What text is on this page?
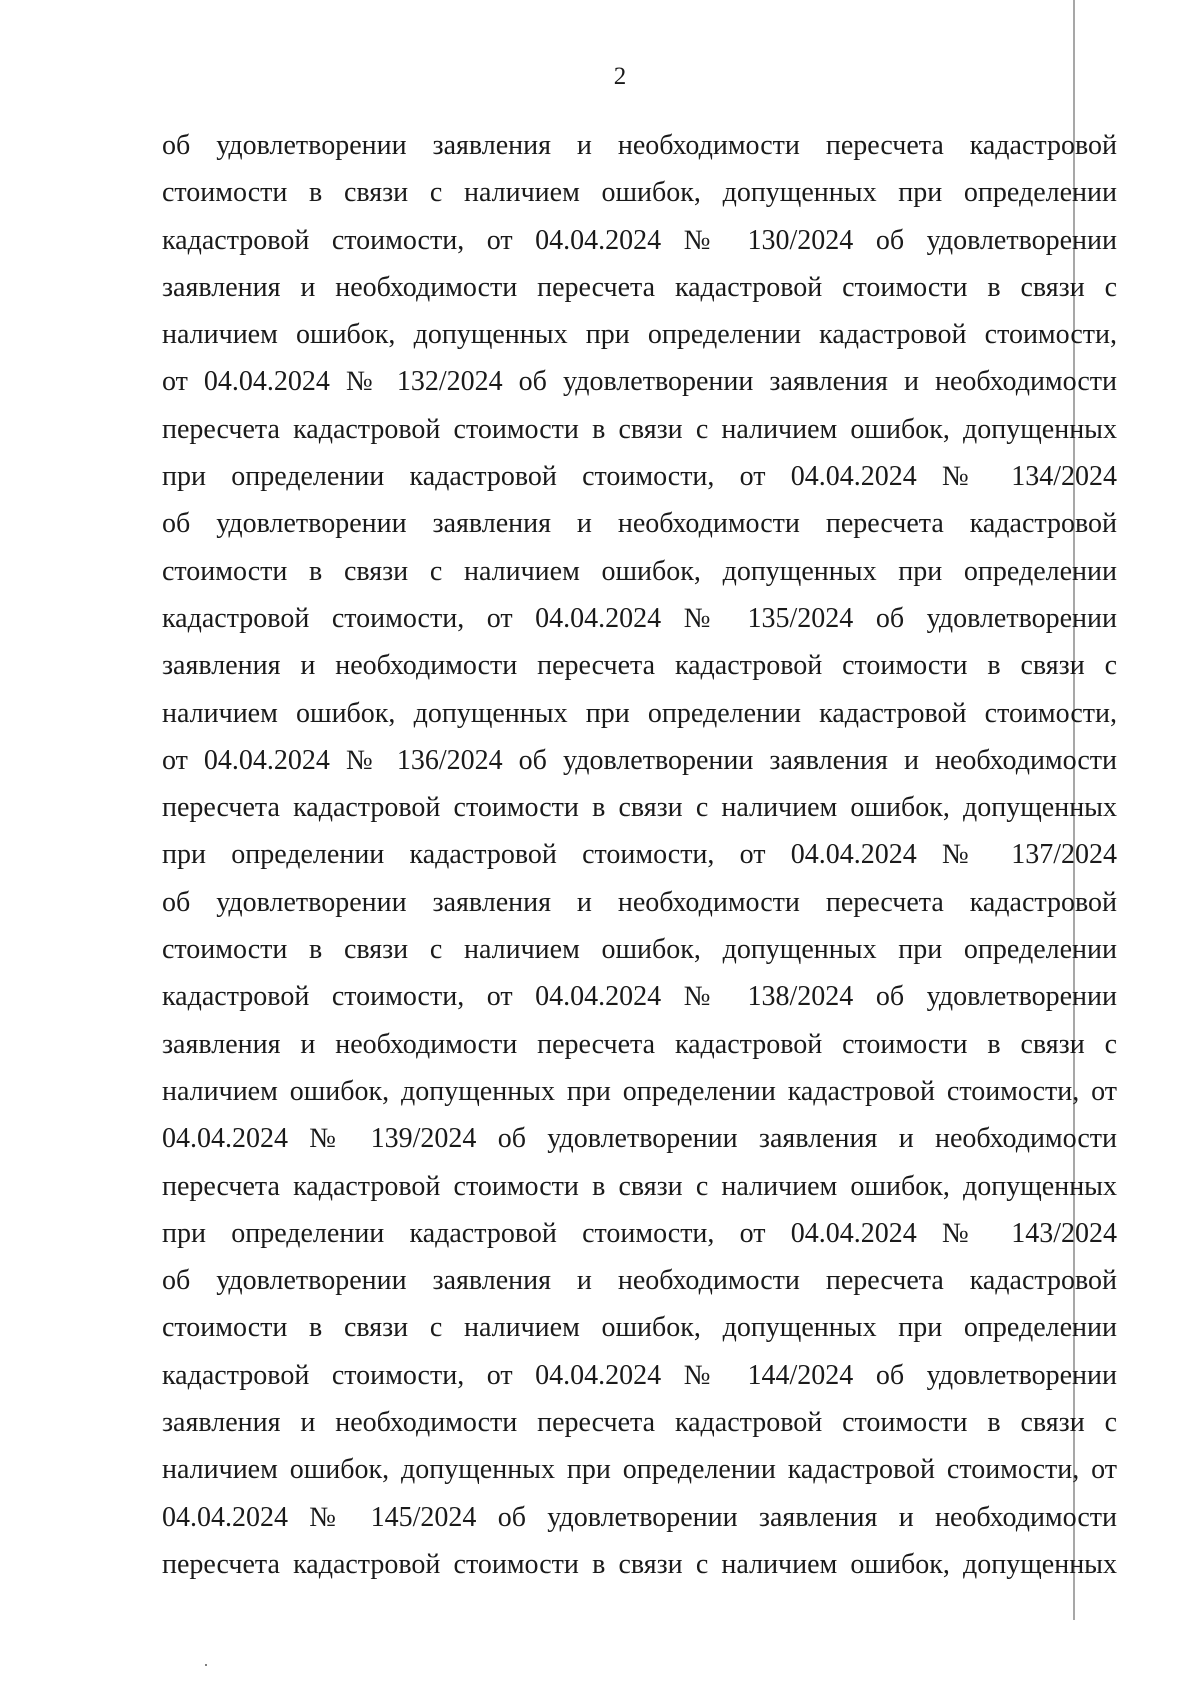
2

об удовлетворении заявления и необходимости пересчета кадастровой
стоимости в связи с наличием ошибок, допущенных при определении
кадастровой стоимости, от 04.04.2024 № 130/2024 об удовлетворении
заявления и необходимости пересчета кадастровой стоимости в связи с
наличием ошибок, допущенных при определении кадастровой стоимости,
от 04.04.2024 № 132/2024 об удовлетворении заявления и необходимости
пересчета кадастровой стоимости в связи с наличием ошибок, допущенных
при определении кадастровой стоимости, от 04.04.2024 № 134/2024
об удовлетворении заявления и необходимости пересчета кадастровой
стоимости в связи с наличием ошибок, допущенных при определении
кадастровой стоимости, от 04.04.2024 № 135/2024 об удовлетворении
заявления и необходимости пересчета кадастровой стоимости в связи с
наличием ошибок, допущенных при определении кадастровой стоимости,
от 04.04.2024 № 136/2024 об удовлетворении заявления и необходимости
пересчета кадастровой стоимости в связи с наличием ошибок, допущенных
при определении кадастровой стоимости, от 04.04.2024 № 137/2024
об удовлетворении заявления и необходимости пересчета кадастровой
стоимости в связи с наличием ошибок, допущенных при определении
кадастровой стоимости, от 04.04.2024 № 138/2024 об удовлетворении
заявления и необходимости пересчета кадастровой стоимости в связи с
наличием ошибок, допущенных при определении кадастровой стоимости, от
04.04.2024 № 139/2024 об удовлетворении заявления и необходимости
пересчета кадастровой стоимости в связи с наличием ошибок, допущенных
при определении кадастровой стоимости, от 04.04.2024 № 143/2024
об удовлетворении заявления и необходимости пересчета кадастровой
стоимости в связи с наличием ошибок, допущенных при определении
кадастровой стоимости, от 04.04.2024 № 144/2024 об удовлетворении
заявления и необходимости пересчета кадастровой стоимости в связи с
наличием ошибок, допущенных при определении кадастровой стоимости, от
04.04.2024 № 145/2024 об удовлетворении заявления и необходимости
пересчета кадастровой стоимости в связи с наличием ошибок, допущенных
